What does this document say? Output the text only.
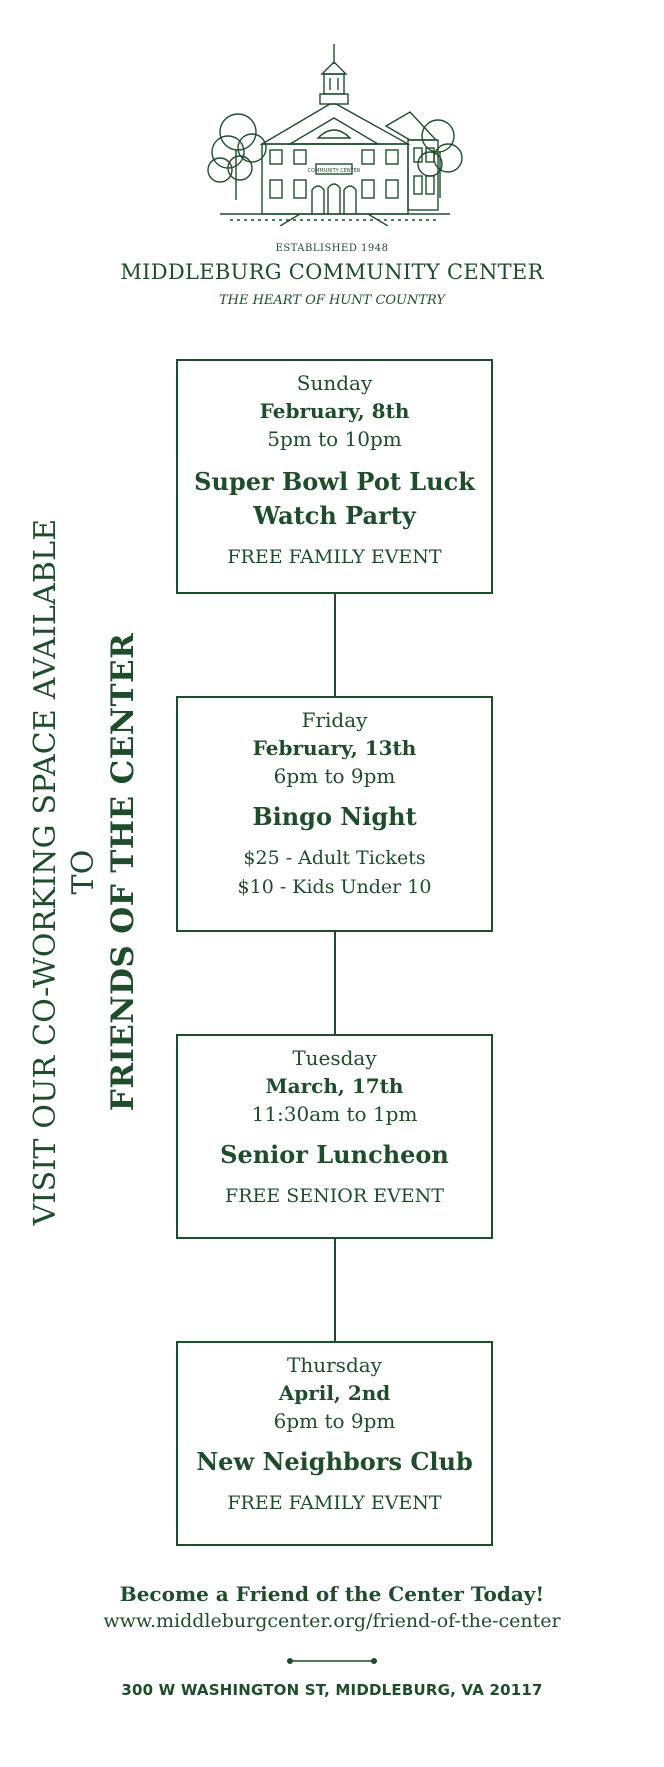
COMMUNITY CENTER
ESTABLISHED 1948
MIDDLEBURG COMMUNITY CENTER
THE HEART OF HUNT COUNTRY
VISIT OUR CO-WORKING SPACE AVAILABLE TO FRIENDS OF THE CENTER
Sunday
February, 8th
5pm to 10pm
Super Bowl Pot Luck
Watch Party
FREE FAMILY EVENT
Friday
February, 13th
6pm to 9pm
Bingo Night
$25 - Adult Tickets
$10 - Kids Under 10
Tuesday
March, 17th
11:30am to 1pm
Senior Luncheon
FREE SENIOR EVENT
Thursday
April, 2nd
6pm to 9pm
New Neighbors Club
FREE FAMILY EVENT
Become a Friend of the Center Today!
www.middleburgcenter.org/friend-of-the-center
300 W WASHINGTON ST, MIDDLEBURG, VA 20117
